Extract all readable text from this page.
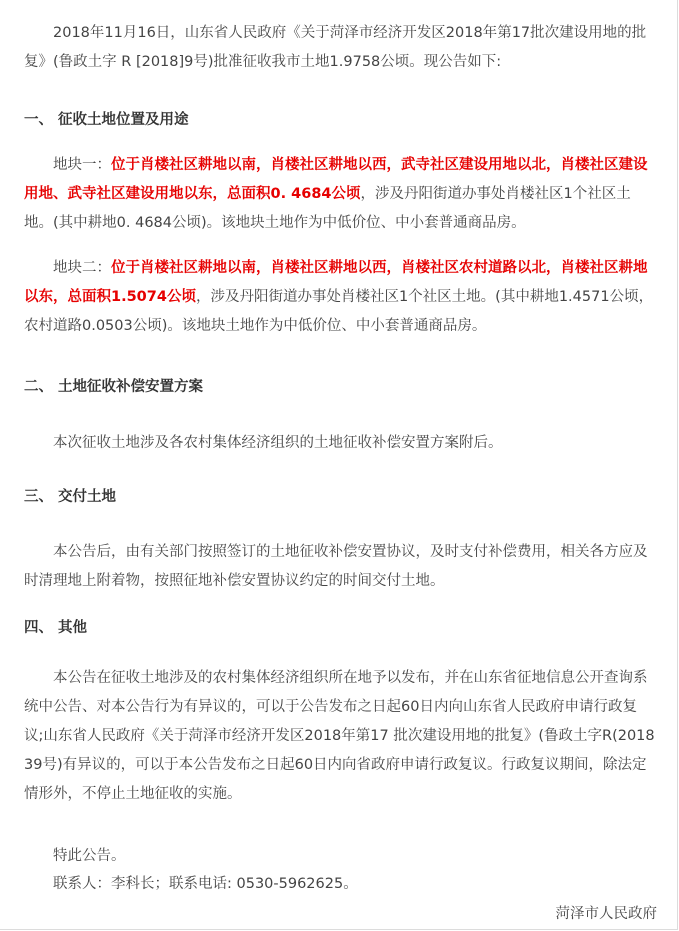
2018年11月16日，山东省人民政府《关于菏泽市经济开发区2018年第17批次建设用地的批复》(鲁政土字 R [2018]9号)批准征收我市土地1.9758公顷。现公告如下:

一、 征收土地位置及用途

地块一：位于肖楼社区耕地以南，肖楼社区耕地以西，武寺社区建设用地以北，肖楼社区建设用地、武寺社区建设用地以东，总面积0. 4684公顷，涉及丹阳街道办事处肖楼社区1个社区土地。(其中耕地0. 4684公顷)。该地块土地作为中低价位、中小套普通商品房。

地块二：位于肖楼社区耕地以南，肖楼社区耕地以西，肖楼社区农村道路以北，肖楼社区耕地以东，总面积1.5074公顷，涉及丹阳街道办事处肖楼社区1个社区土地。(其中耕地1.4571公顷，农村道路0.0503公顷)。该地块土地作为中低价位、中小套普通商品房。

二、 土地征收补偿安置方案

本次征收土地涉及各农村集体经济组织的土地征收补偿安置方案附后。

三、 交付土地

本公告后，由有关部门按照签订的土地征收补偿安置协议，及时支付补偿费用，相关各方应及时清理地上附着物，按照征地补偿安置协议约定的时间交付土地。

四、 其他

本公告在征收土地涉及的农村集体经济组织所在地予以发布，并在山东省征地信息公开查询系统中公告、对本公告行为有异议的，可以于公告发布之日起60日内向山东省人民政府申请行政复议;山东省人民政府《关于菏泽市经济开发区2018年第17 批次建设用地的批复》(鲁政土字R(201839号)有异议的，可以于本公告发布之日起60日内向省政府申请行政复议。行政复议期间，除法定情形外，不停止土地征收的实施。

特此公告。

联系人：李科长；联系电话: 0530-5962625。

菏泽市人民政府
